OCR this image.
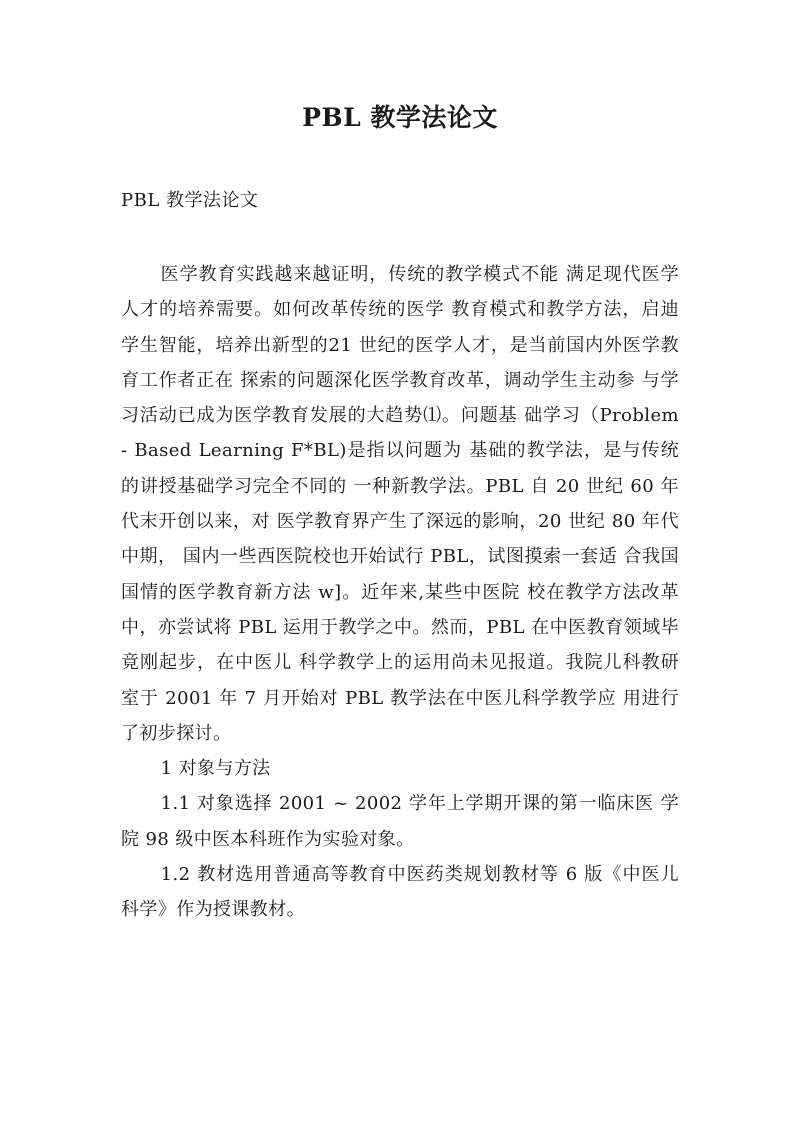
PBL 教学法论文
PBL 教学法论文

医学教育实践越来越证明，传统的教学模式不能 满足现代医学人才的培养需要。如何改革传统的医学 教育模式和教学方法，启迪学生智能，培养出新型的21 世纪的医学人才，是当前国内外医学教育工作者正在 探索的问题深化医学教育改革，调动学生主动参 与学习活动已成为医学教育发展的大趋势⑴。问题基 础学习（Problem - Based Learning F*BL)是指以问题为 基础的教学法，是与传统的讲授基础学习完全不同的 一种新教学法。PBL 自 20 世纪 60 年代末开创以来，对 医学教育界产生了深远的影响，20 世纪 80 年代中期， 国内一些西医院校也开始试行 PBL，试图摸索一套适 合我国国情的医学教育新方法 w]。近年来,某些中医院 校在教学方法改革中，亦尝试将 PBL 运用于教学之中。然而，PBL 在中医教育领域毕竟刚起步，在中医儿 科学教学上的运用尚未见报道。我院儿科教研室于 2001 年 7 月开始对 PBL 教学法在中医儿科学教学应 用进行了初步探讨。

1 对象与方法

1.1 对象选择 2001 ~ 2002 学年上学期开课的第一临床医 学院 98 级中医本科班作为实验对象。

1.2 教材选用普通高等教育中医药类规划教材等 6 版《中医儿科学》作为授课教材。
